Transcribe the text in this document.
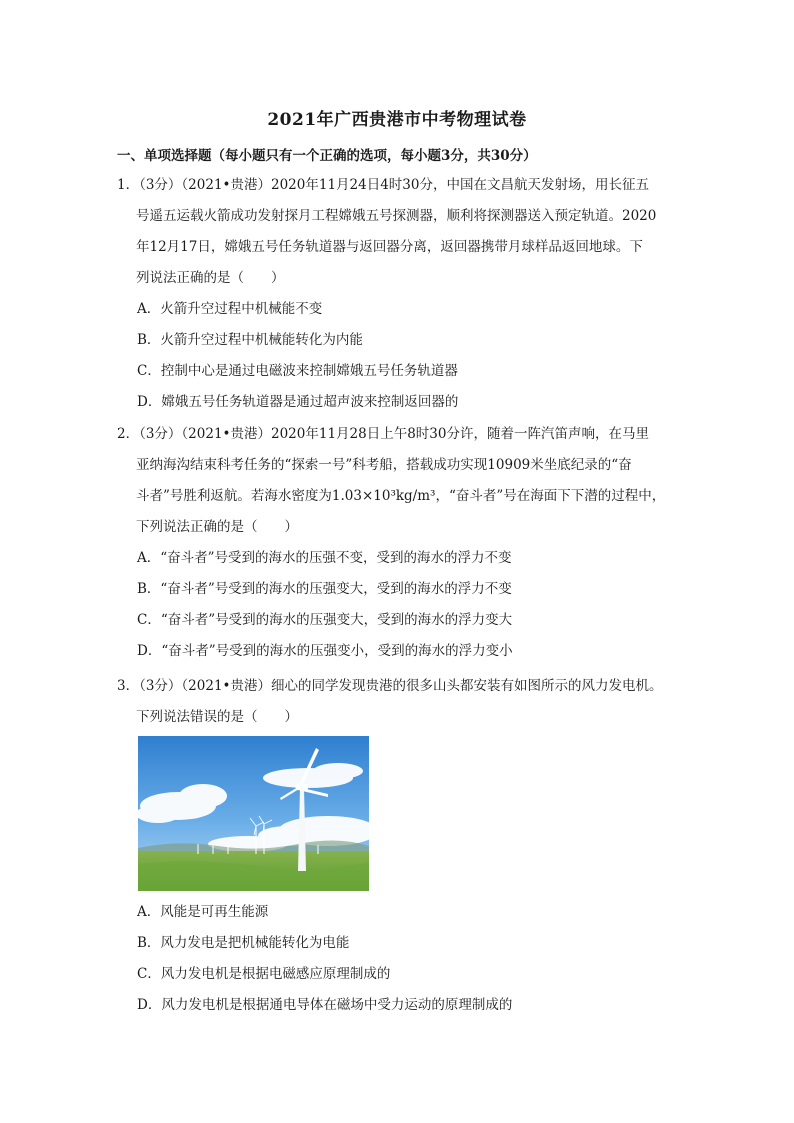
2021年广西贵港市中考物理试卷
一、单项选择题（每小题只有一个正确的选项，每小题3分，共30分）
1．（3分）（2021•贵港）2020年11月24日4时30分，中国在文昌航天发射场，用长征五
号遥五运载火箭成功发射探月工程嫦娥五号探测器，顺利将探测器送入预定轨道。2020
年12月17日，嫦娥五号任务轨道器与返回器分离，返回器携带月球样品返回地球。下
列说法正确的是（　　）
A．火箭升空过程中机械能不变
B．火箭升空过程中机械能转化为内能
C．控制中心是通过电磁波来控制嫦娥五号任务轨道器
D．嫦娥五号任务轨道器是通过超声波来控制返回器的
2．（3分）（2021•贵港）2020年11月28日上午8时30分许，随着一阵汽笛声响，在马里
亚纳海沟结束科考任务的“探索一号”科考船，搭载成功实现10909米坐底纪录的“奋
斗者”号胜利返航。若海水密度为1.03×10³kg/m³，“奋斗者”号在海面下下潜的过程中，
下列说法正确的是（　　）
A．“奋斗者”号受到的海水的压强不变，受到的海水的浮力不变
B．“奋斗者”号受到的海水的压强变大，受到的海水的浮力不变
C．“奋斗者”号受到的海水的压强变大，受到的海水的浮力变大
D．“奋斗者”号受到的海水的压强变小，受到的海水的浮力变小
3．（3分）（2021•贵港）细心的同学发现贵港的很多山头都安装有如图所示的风力发电机。
下列说法错误的是（　　）
A．风能是可再生能源
B．风力发电是把机械能转化为电能
C．风力发电机是根据电磁感应原理制成的
D．风力发电机是根据通电导体在磁场中受力运动的原理制成的
